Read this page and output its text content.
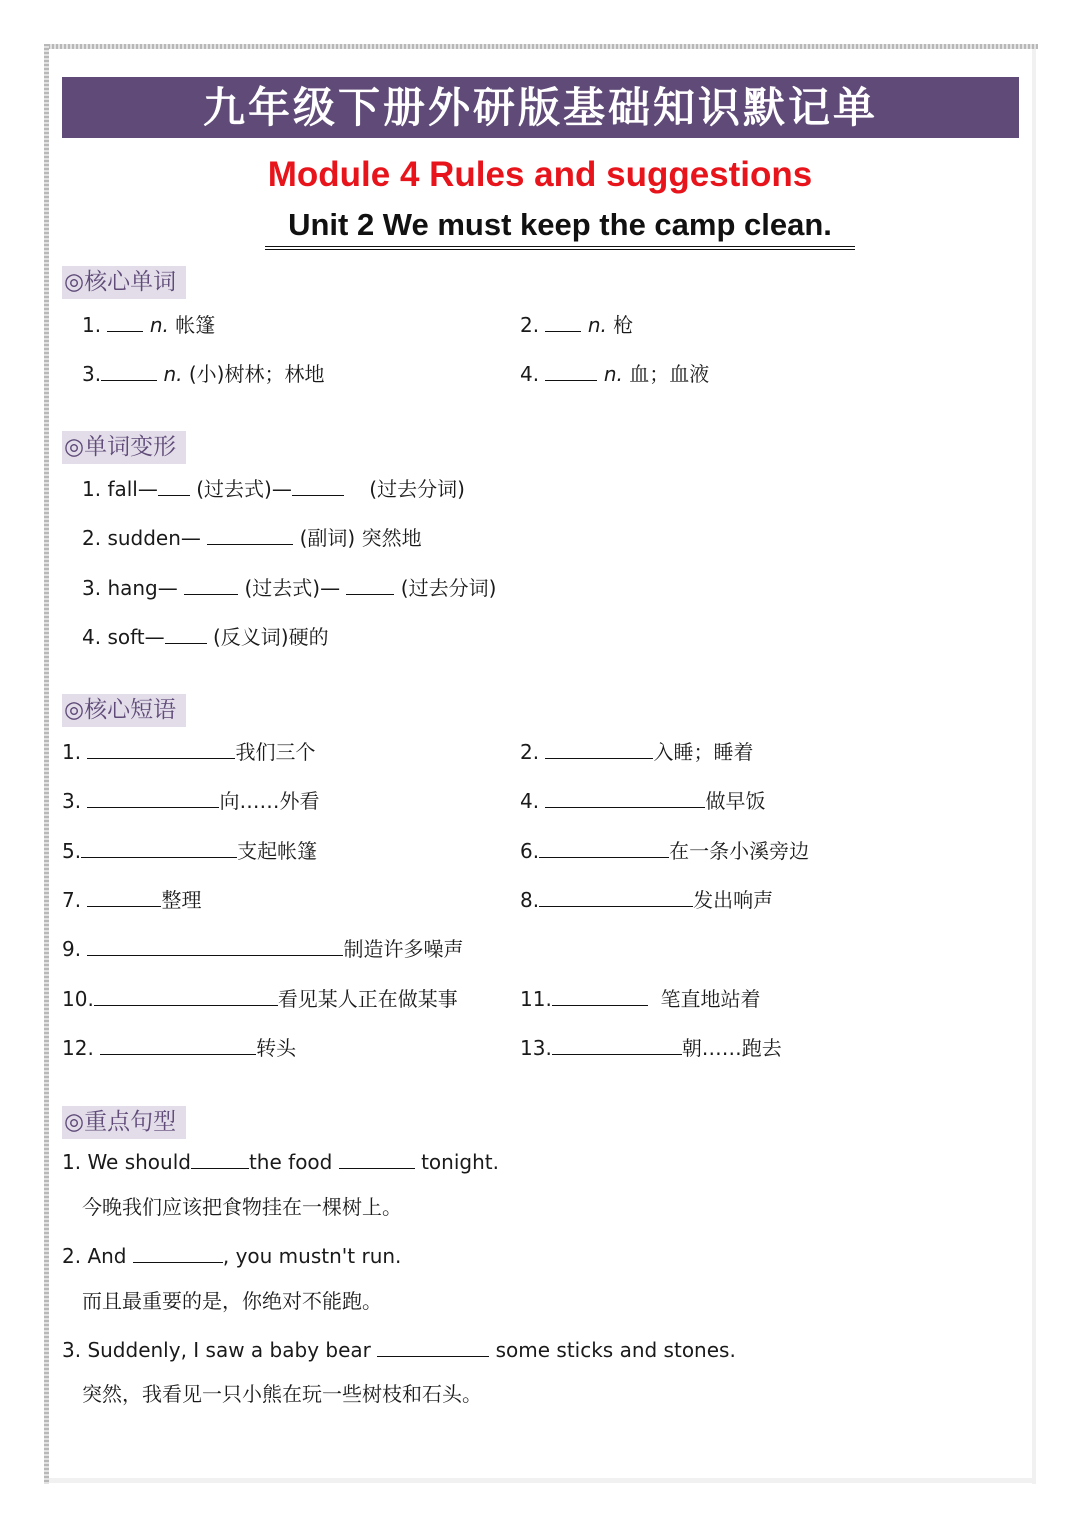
九年级下册外研版基础知识默记单
Module 4 Rules and suggestions
Unit 2 We must keep the camp clean.
◎核心单词
1. n. 帐篷	2. n. 枪
3.	n. (小)树林；林地	4.	n. 血；血液
◎单词变形
1. fall— (过去式)—	(过去分词)
2. sudden—	(副词) 突然地
3. hang—	(过去式)—	(过去分词)
4. soft— (反义词)硬的
◎核心短语
1.	我们三个	2.	入睡；睡着
3.	向……外看	4.	做早饭
5.	支起帐篷	6.	在一条小溪旁边
7.	整理	8.	发出响声
9.	制造许多噪声
10.	看见某人正在做某事	11.	笔直地站着
12.	转头	13.	朝……跑去
◎重点句型
1. We should	the food	tonight.
今晚我们应该把食物挂在一棵树上。
2. And	, you mustn't run.
而且最重要的是，你绝对不能跑。
3. Suddenly, I saw a baby bear	some sticks and stones.
突然，我看见一只小熊在玩一些树枝和石头。
